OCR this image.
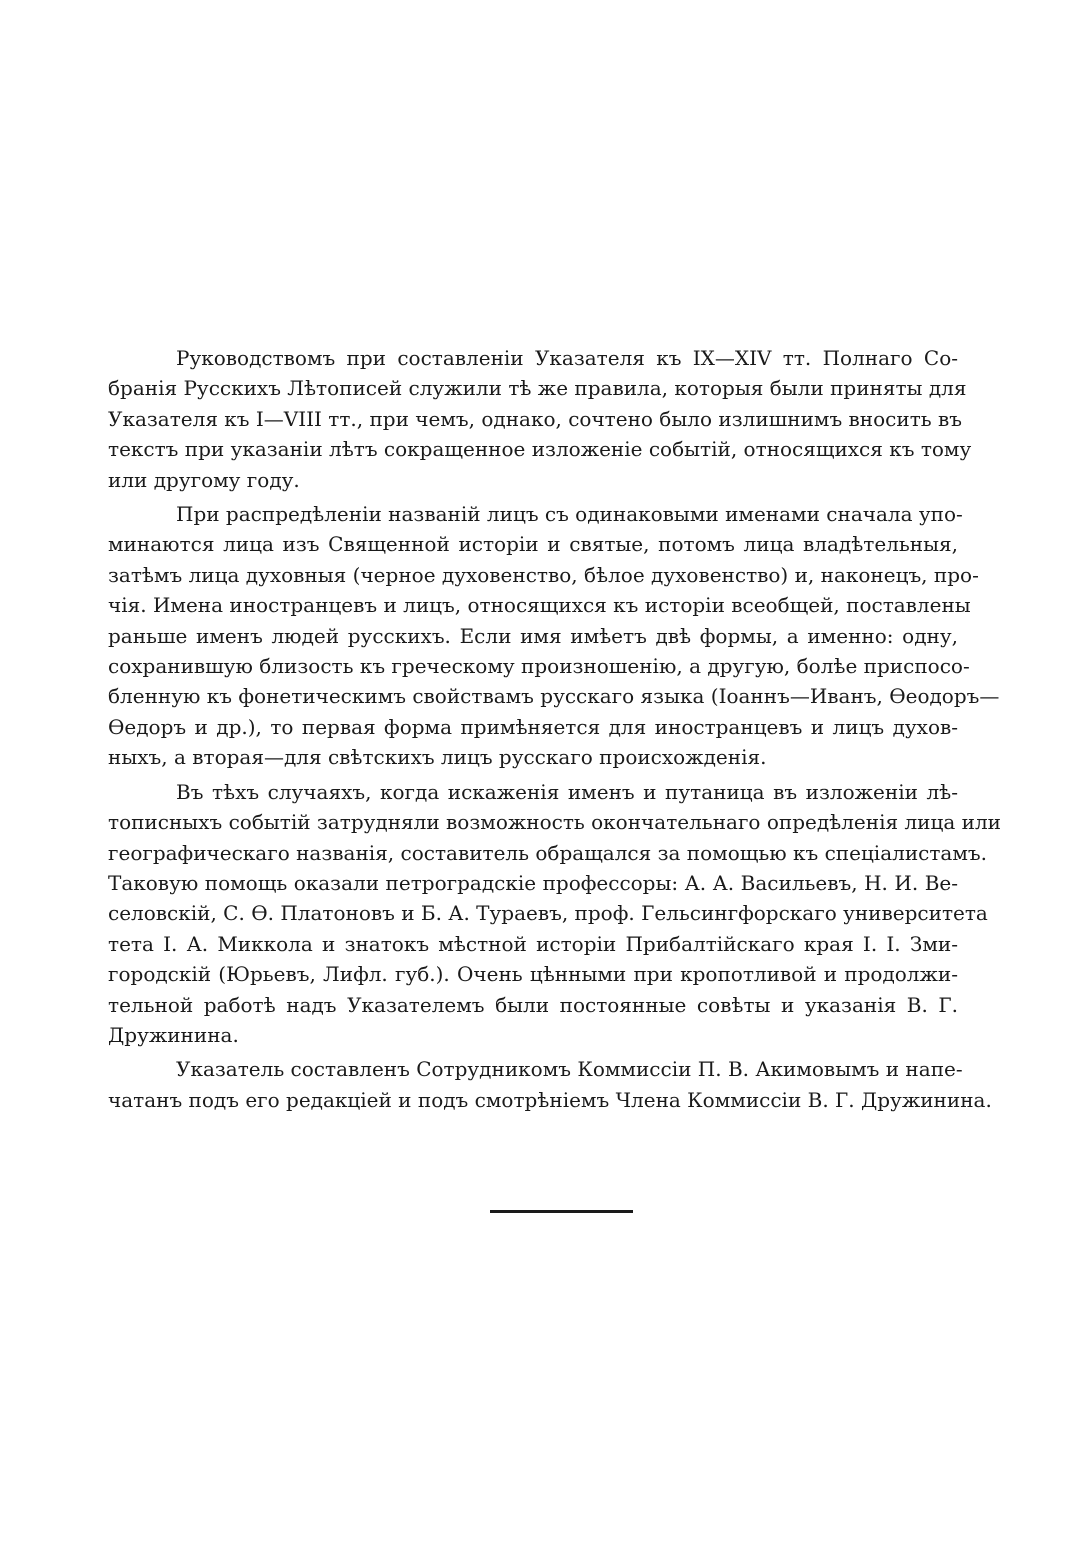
Руководствомъ при составленіи Указателя къ IX—XIV тт. Полнаго Со-
бранія Русскихъ Лѣтописей служили тѣ же правила, которыя были приняты для
Указателя къ I—VIII тт., при чемъ, однако, сочтено было излишнимъ вносить въ
текстъ при указаніи лѣтъ сокращенное изложеніе событій, относящихся къ тому
или другому году.
При распредѣленіи названій лицъ съ одинаковыми именами сначала упо-
минаются лица изъ Священной исторіи и святые, потомъ лица владѣтельныя,
затѣмъ лица духовныя (черное духовенство, бѣлое духовенство) и, наконецъ, про-
чія. Имена иностранцевъ и лицъ, относящихся къ исторіи всеобщей, поставлены
раньше именъ людей русскихъ. Если имя имѣетъ двѣ формы, а именно: одну,
сохранившую близость къ греческому произношенію, а другую, болѣе приспосо-
бленную къ фонетическимъ свойствамъ русскаго языка (Іоаннъ—Иванъ, Ѳеодоръ—
Ѳедоръ и др.), то первая форма примѣняется для иностранцевъ и лицъ духов-
ныхъ, а вторая—для свѣтскихъ лицъ русскаго происхожденія.
Въ тѣхъ случаяхъ, когда искаженія именъ и путаница въ изложеніи лѣ-
тописныхъ событій затрудняли возможность окончательнаго опредѣленія лица или
географическаго названія, составитель обращался за помощью къ спеціалистамъ.
Таковую помощь оказали петроградскіе профессоры: А. А. Васильевъ, Н. И. Ве-
селовскій, С. Ѳ. Платоновъ и Б. А. Тураевъ, проф. Гельсингфорскаго университета
тета І. А. Миккола и знатокъ мѣстной исторіи Прибалтійскаго края І. І. Зми-
городскій (Юрьевъ, Лифл. губ.). Очень цѣнными при кропотливой и продолжи-
тельной работѣ надъ Указателемъ были постоянные совѣты и указанія В. Г.
Дружинина.
Указатель составленъ Сотрудникомъ Коммиссіи П. В. Акимовымъ и напе-
чатанъ подъ его редакціей и подъ смотрѣніемъ Члена Коммиссіи В. Г. Дружинина.
